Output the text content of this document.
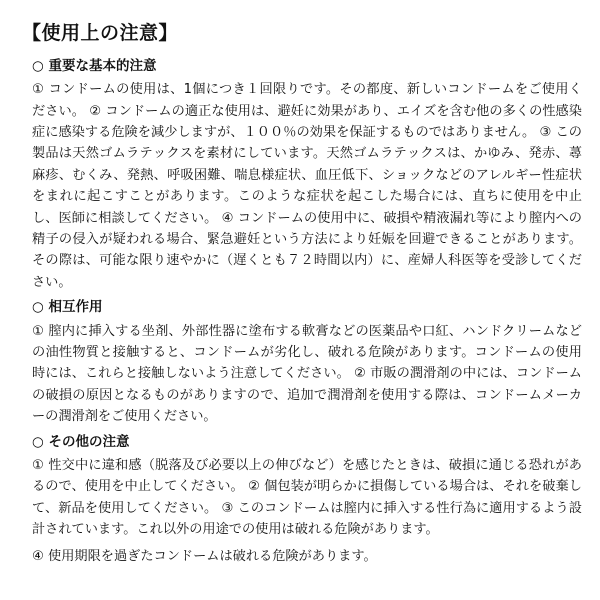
【使用上の注意】
○ 重要な基本的注意

① コンドームの使用は、1個につき１回限りです。その都度、新しいコンドームをご使用ください。 ② コンドームの適正な使用は、避妊に効果があり、エイズを含む他の多くの性感染症に感染する危険を減少しますが、１００％の効果を保証するものではありません。 ③ この製品は天然ゴムラテックスを素材にしています。天然ゴムラテックスは、かゆみ、発赤、蕁麻疹、むくみ、発熱、呼吸困難、喘息様症状、血圧低下、ショックなどのアレルギー性症状をまれに起こすことがあります。このような症状を起こした場合には、直ちに使用を中止し、医師に相談してください。 ④ コンドームの使用中に、破損や精液漏れ等により膣内への精子の侵入が疑われる場合、緊急避妊という方法により妊娠を回避できることがあります。その際は、可能な限り速やかに（遅くとも７２時間以内）に、産婦人科医等を受診してください。

○ 相互作用

① 膣内に挿入する坐剤、外部性器に塗布する軟膏などの医薬品や口紅、ハンドクリームなどの油性物質と接触すると、コンドームが劣化し、破れる危険があります。コンドームの使用時には、これらと接触しないよう注意してください。 ② 市販の潤滑剤の中には、コンドームの破損の原因となるものがありますので、追加で潤滑剤を使用する際は、コンドームメーカーの潤滑剤をご使用ください。

○ その他の注意

① 性交中に違和感（脱落及び必要以上の伸びなど）を感じたときは、破損に通じる恐れがあるので、使用を中止してください。 ② 個包装が明らかに損傷している場合は、それを破棄して、新品を使用してください。 ③ このコンドームは膣内に挿入する性行為に適用するよう設計されています。これ以外の用途での使用は破れる危険があります。

④ 使用期限を過ぎたコンドームは破れる危険があります。
